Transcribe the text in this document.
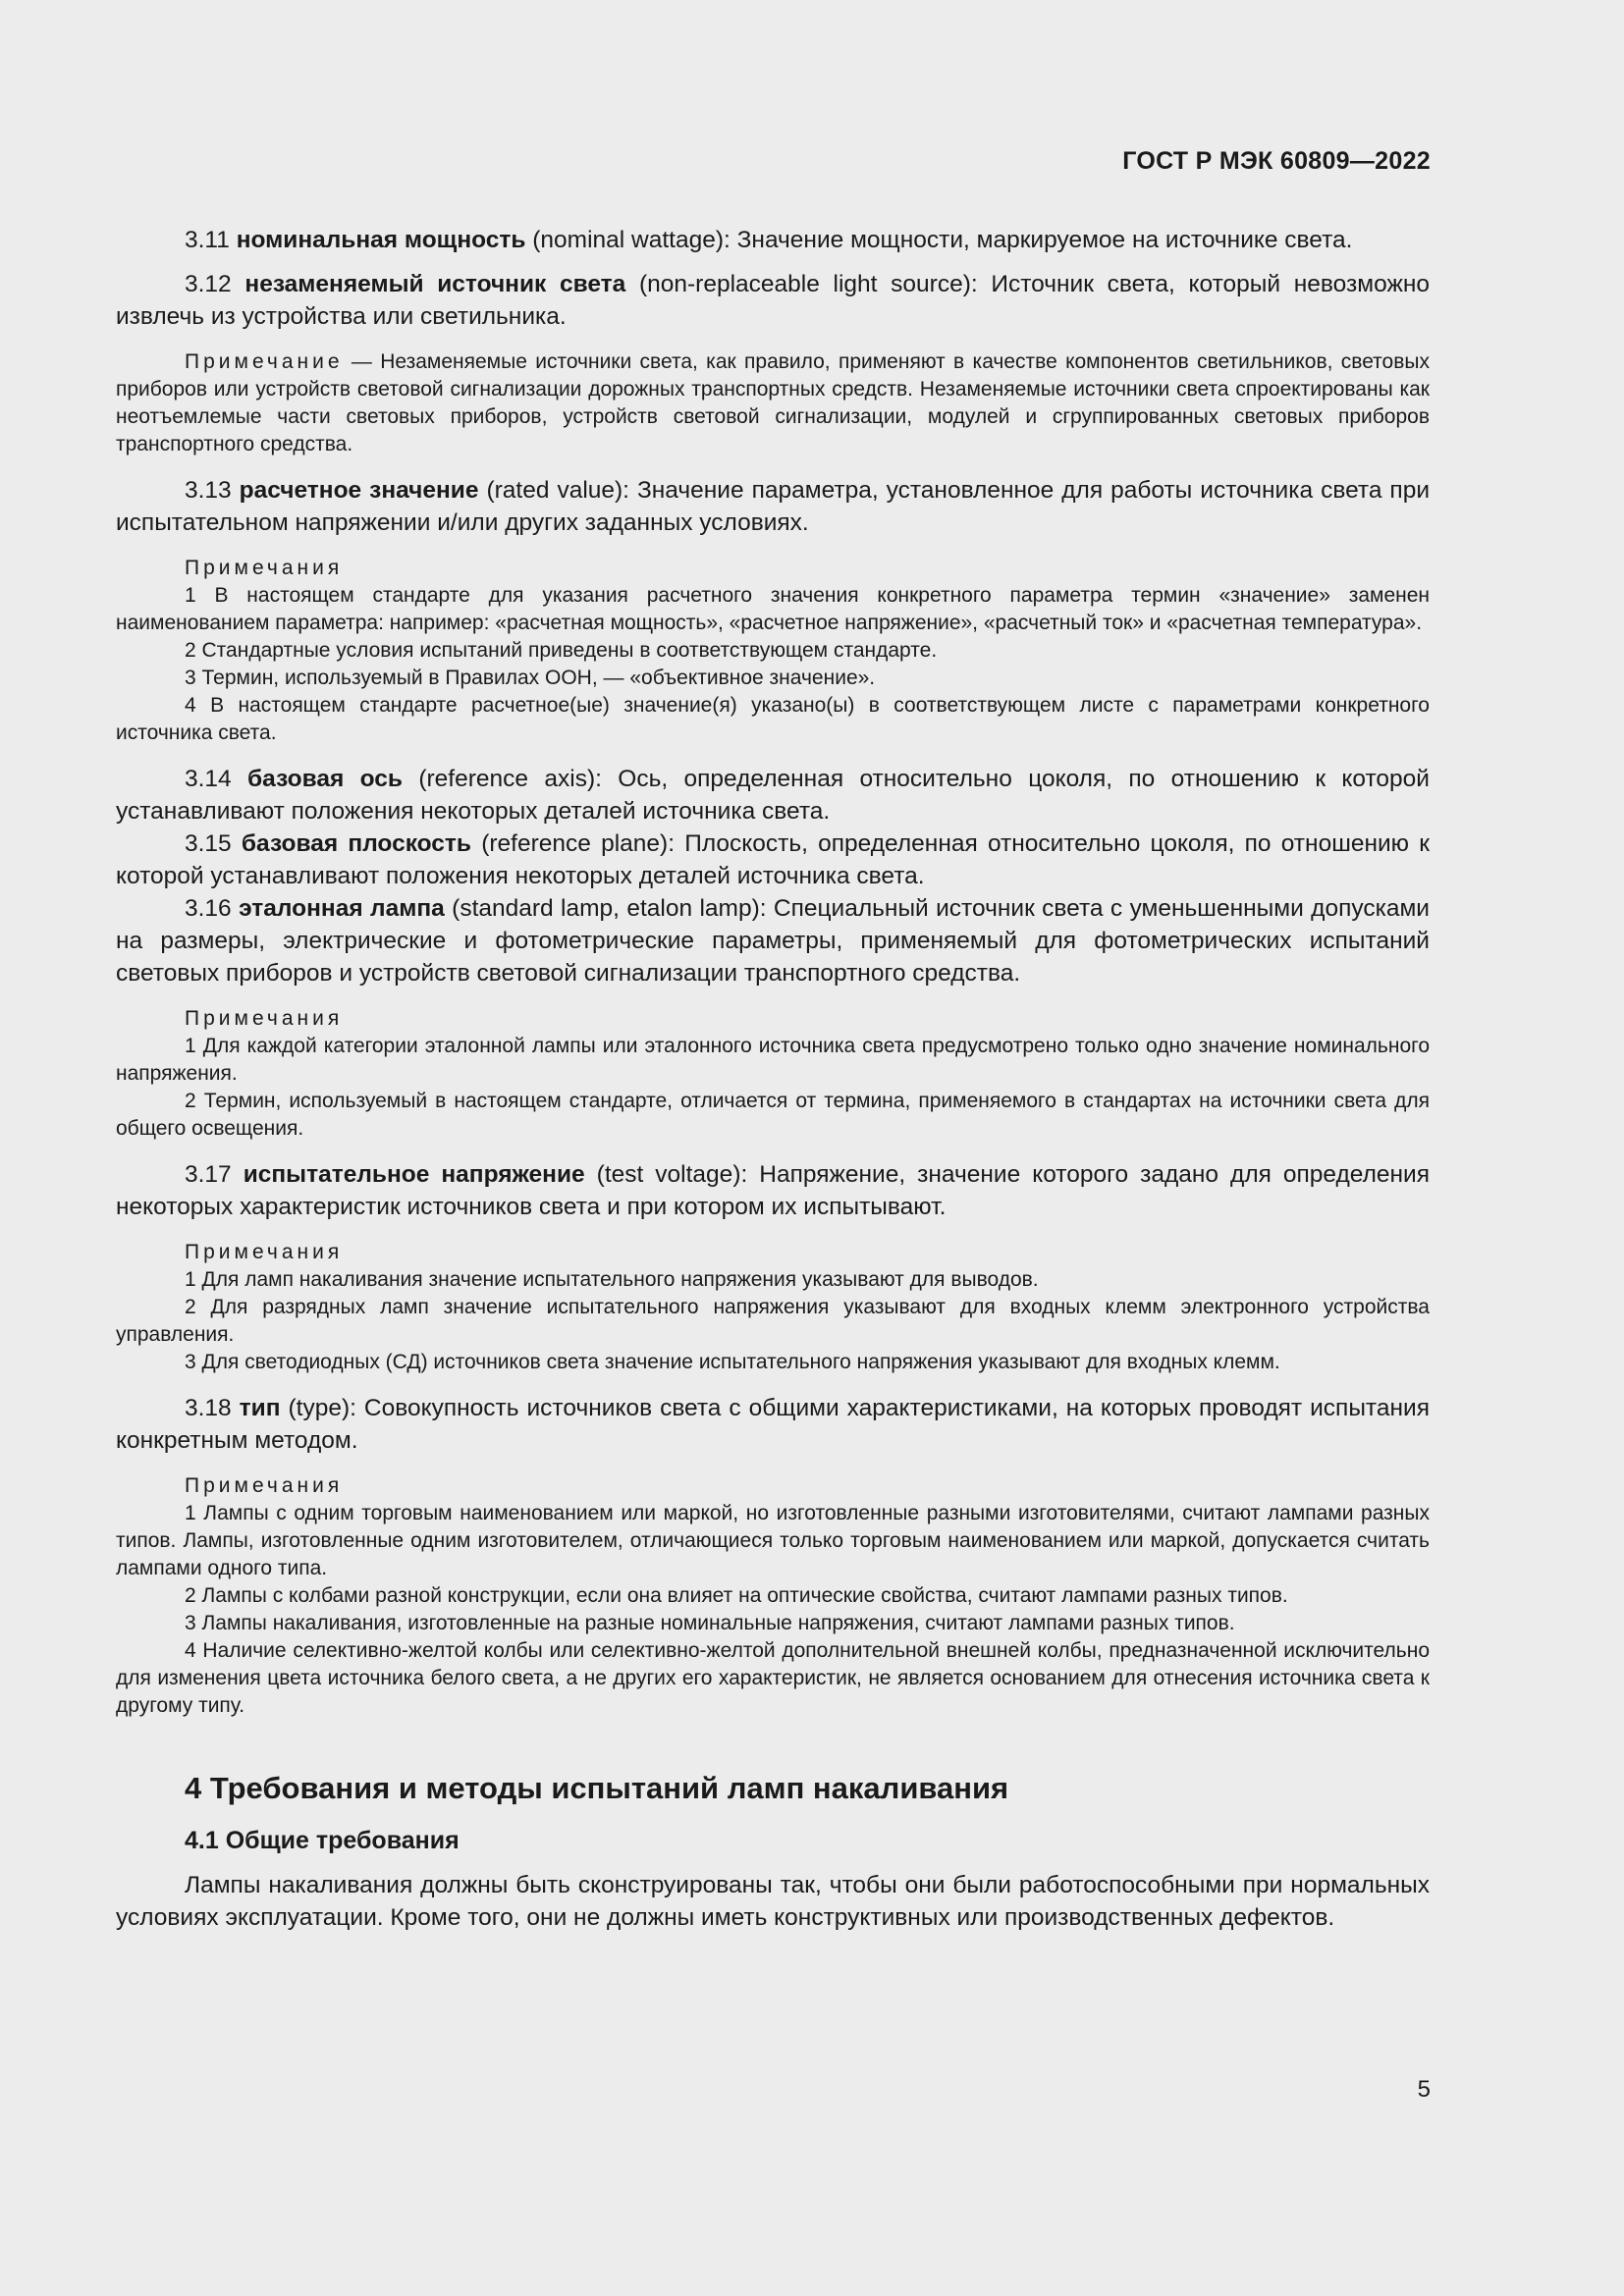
ГОСТ Р МЭК 60809—2022

3.11 номинальная мощность (nominal wattage): Значение мощности, маркируемое на источнике света.

3.12 незаменяемый источник света (non-replaceable light source): Источник света, который невозможно извлечь из устройства или светильника.

Примечание — Незаменяемые источники света, как правило, применяют в качестве компонентов светильников, световых приборов или устройств световой сигнализации дорожных транспортных средств. Незаменяемые источники света спроектированы как неотъемлемые части световых приборов, устройств световой сигнализации, модулей и сгруппированных световых приборов транспортного средства.

3.13 расчетное значение (rated value): Значение параметра, установленное для работы источника света при испытательном напряжении и/или других заданных условиях.

Примечания

1 В настоящем стандарте для указания расчетного значения конкретного параметра термин «значение» заменен наименованием параметра: например: «расчетная мощность», «расчетное напряжение», «расчетный ток» и «расчетная температура».

2 Стандартные условия испытаний приведены в соответствующем стандарте.

3 Термин, используемый в Правилах ООН, — «объективное значение».

4 В настоящем стандарте расчетное(ые) значение(я) указано(ы) в соответствующем листе с параметрами конкретного источника света.

3.14 базовая ось (reference axis): Ось, определенная относительно цоколя, по отношению к которой устанавливают положения некоторых деталей источника света.

3.15 базовая плоскость (reference plane): Плоскость, определенная относительно цоколя, по отношению к которой устанавливают положения некоторых деталей источника света.

3.16 эталонная лампа (standard lamp, etalon lamp): Специальный источник света с уменьшенными допусками на размеры, электрические и фотометрические параметры, применяемый для фотометрических испытаний световых приборов и устройств световой сигнализации транспортного средства.

Примечания

1 Для каждой категории эталонной лампы или эталонного источника света предусмотрено только одно значение номинального напряжения.

2 Термин, используемый в настоящем стандарте, отличается от термина, применяемого в стандартах на источники света для общего освещения.

3.17 испытательное напряжение (test voltage): Напряжение, значение которого задано для определения некоторых характеристик источников света и при котором их испытывают.

Примечания

1 Для ламп накаливания значение испытательного напряжения указывают для выводов.

2 Для разрядных ламп значение испытательного напряжения указывают для входных клемм электронного устройства управления.

3 Для светодиодных (СД) источников света значение испытательного напряжения указывают для входных клемм.

3.18 тип (type): Совокупность источников света с общими характеристиками, на которых проводят испытания конкретным методом.

Примечания

1 Лампы с одним торговым наименованием или маркой, но изготовленные разными изготовителями, считают лампами разных типов. Лампы, изготовленные одним изготовителем, отличающиеся только торговым наименованием или маркой, допускается считать лампами одного типа.

2 Лампы с колбами разной конструкции, если она влияет на оптические свойства, считают лампами разных типов.

3 Лампы накаливания, изготовленные на разные номинальные напряжения, считают лампами разных типов.

4 Наличие селективно-желтой колбы или селективно-желтой дополнительной внешней колбы, предназначенной исключительно для изменения цвета источника белого света, а не других его характеристик, не является основанием для отнесения источника света к другому типу.

4 Требования и методы испытаний ламп накаливания
4.1 Общие требования

Лампы накаливания должны быть сконструированы так, чтобы они были работоспособными при нормальных условиях эксплуатации. Кроме того, они не должны иметь конструктивных или производственных дефектов.

5
